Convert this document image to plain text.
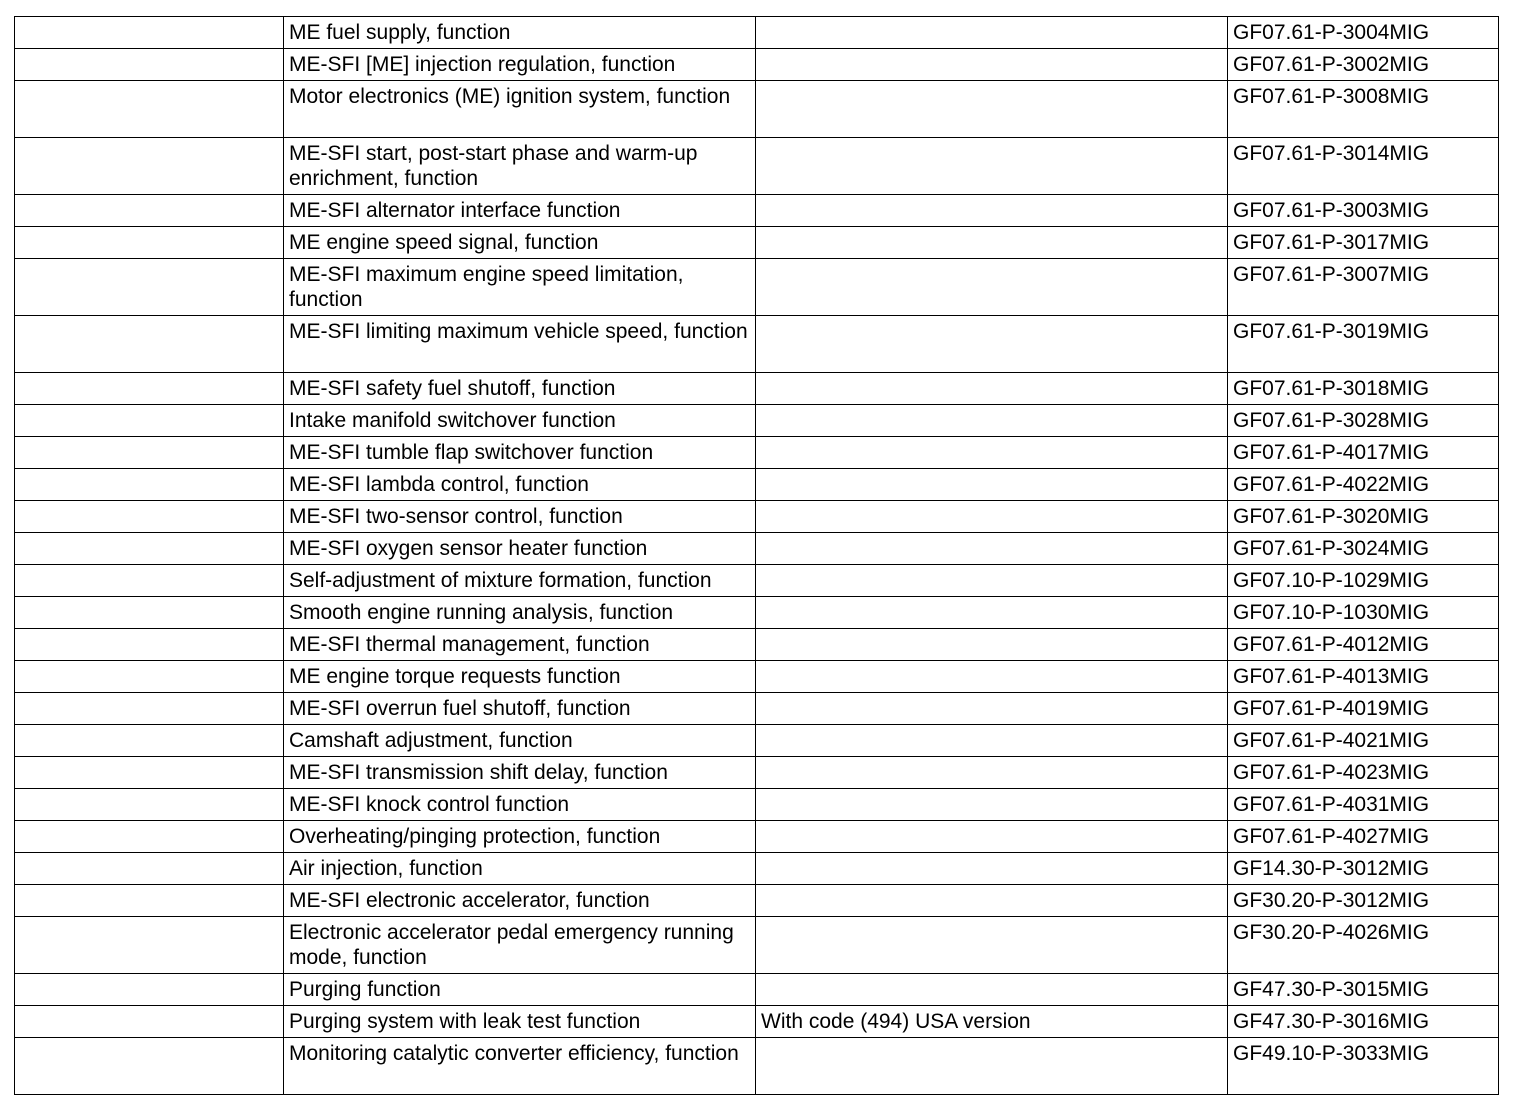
	ME fuel supply, function		GF07.61-P-3004MIG
	ME-SFI [ME] injection regulation, function		GF07.61-P-3002MIG
	Motor electronics (ME) ignition system, function		GF07.61-P-3008MIG
	ME-SFI start, post-start phase and warm-up enrichment, function		GF07.61-P-3014MIG
	ME-SFI alternator interface function		GF07.61-P-3003MIG
	ME engine speed signal, function		GF07.61-P-3017MIG
	ME-SFI maximum engine speed limitation, function		GF07.61-P-3007MIG
	ME-SFI limiting maximum vehicle speed, function		GF07.61-P-3019MIG
	ME-SFI safety fuel shutoff, function		GF07.61-P-3018MIG
	Intake manifold switchover function		GF07.61-P-3028MIG
	ME-SFI tumble flap switchover function		GF07.61-P-4017MIG
	ME-SFI lambda control, function		GF07.61-P-4022MIG
	ME-SFI two-sensor control, function		GF07.61-P-3020MIG
	ME-SFI oxygen sensor heater function		GF07.61-P-3024MIG
	Self-adjustment of mixture formation, function		GF07.10-P-1029MIG
	Smooth engine running analysis, function		GF07.10-P-1030MIG
	ME-SFI thermal management, function		GF07.61-P-4012MIG
	ME engine torque requests function		GF07.61-P-4013MIG
	ME-SFI overrun fuel shutoff, function		GF07.61-P-4019MIG
	Camshaft adjustment, function		GF07.61-P-4021MIG
	ME-SFI transmission shift delay, function		GF07.61-P-4023MIG
	ME-SFI knock control function		GF07.61-P-4031MIG
	Overheating/pinging protection, function		GF07.61-P-4027MIG
	Air injection, function		GF14.30-P-3012MIG
	ME-SFI electronic accelerator, function		GF30.20-P-3012MIG
	Electronic accelerator pedal emergency running mode, function		GF30.20-P-4026MIG
	Purging function		GF47.30-P-3015MIG
	Purging system with leak test function	With code (494) USA version	GF47.30-P-3016MIG
	Monitoring catalytic converter efficiency, function		GF49.10-P-3033MIG
